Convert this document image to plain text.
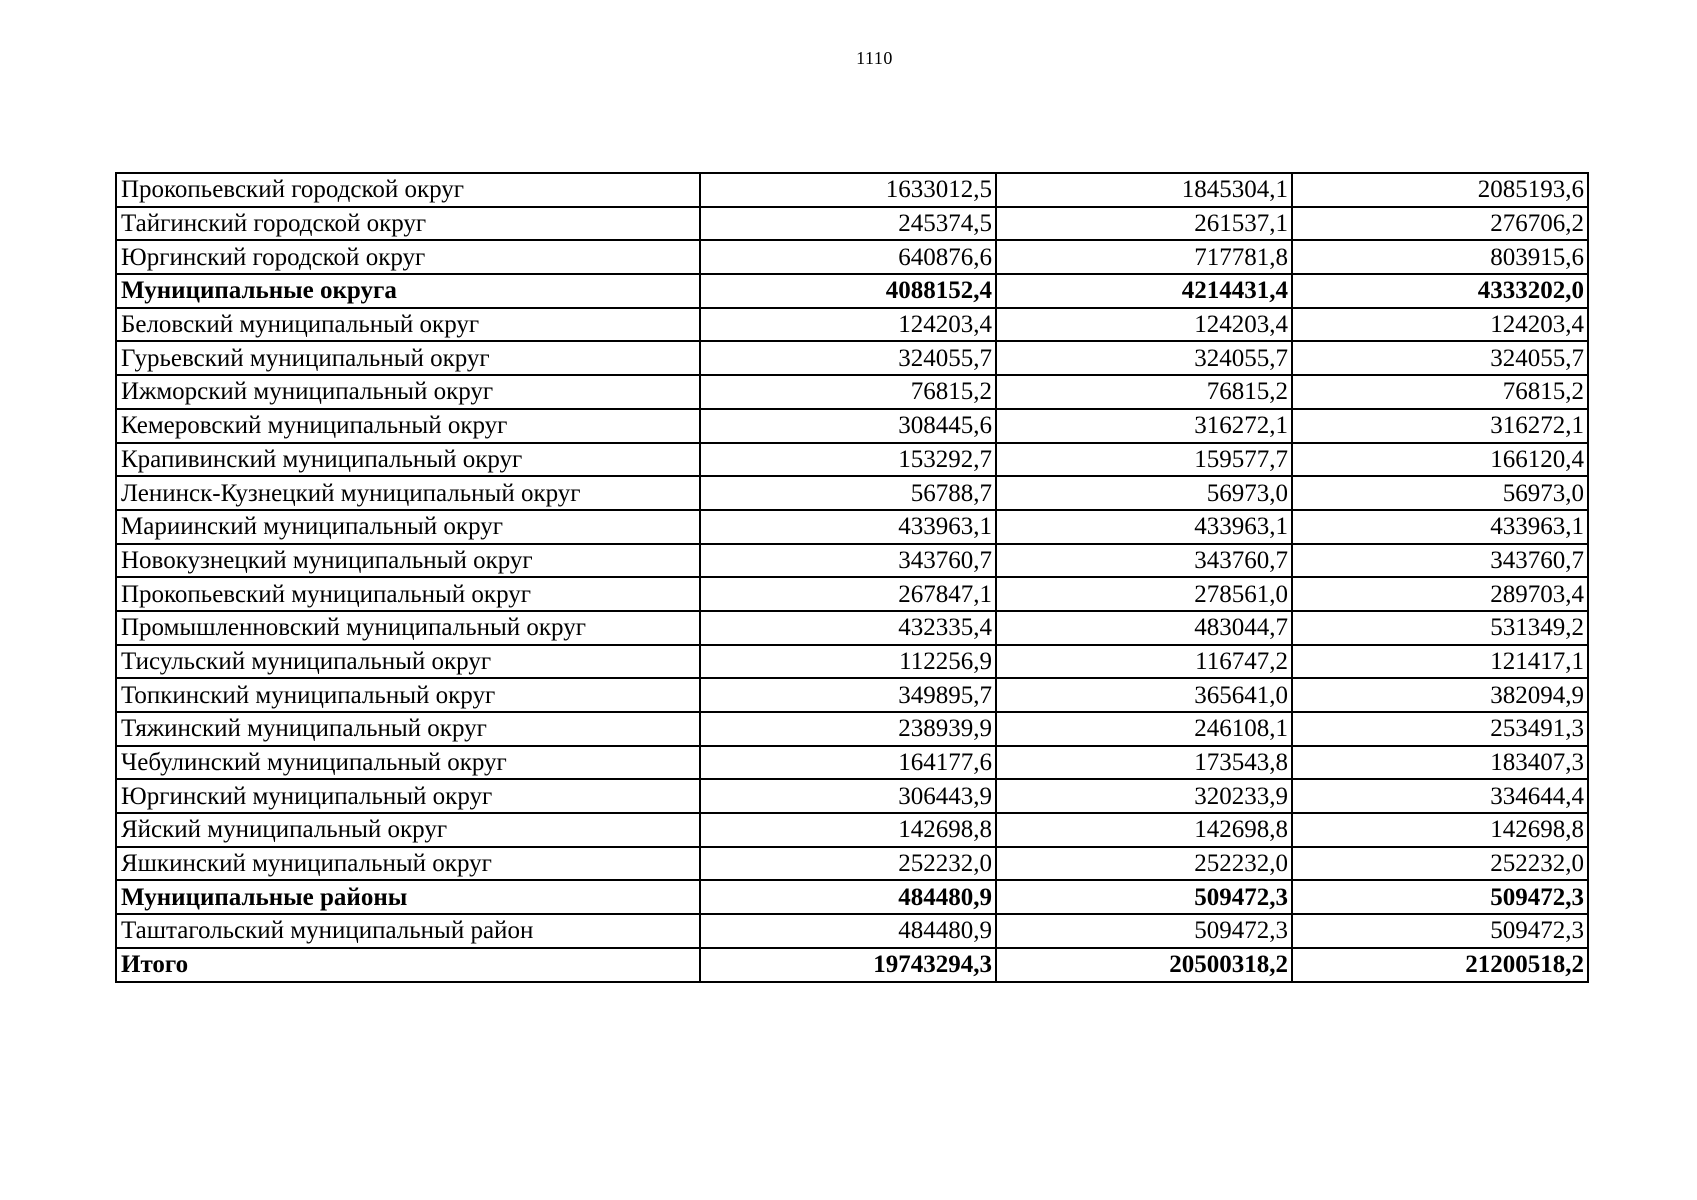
1110
Прокопьевский городской округ	1633012,5	1845304,1	2085193,6
Тайгинский городской округ	245374,5	261537,1	276706,2
Юргинский городской округ	640876,6	717781,8	803915,6
Муниципальные округа	4088152,4	4214431,4	4333202,0
Беловский муниципальный округ	124203,4	124203,4	124203,4
Гурьевский муниципальный округ	324055,7	324055,7	324055,7
Ижморский муниципальный округ	76815,2	76815,2	76815,2
Кемеровский муниципальный округ	308445,6	316272,1	316272,1
Крапивинский муниципальный округ	153292,7	159577,7	166120,4
Ленинск-Кузнецкий муниципальный округ	56788,7	56973,0	56973,0
Мариинский муниципальный округ	433963,1	433963,1	433963,1
Новокузнецкий муниципальный округ	343760,7	343760,7	343760,7
Прокопьевский муниципальный округ	267847,1	278561,0	289703,4
Промышленновский муниципальный округ	432335,4	483044,7	531349,2
Тисульский муниципальный округ	112256,9	116747,2	121417,1
Топкинский муниципальный округ	349895,7	365641,0	382094,9
Тяжинский муниципальный округ	238939,9	246108,1	253491,3
Чебулинский муниципальный округ	164177,6	173543,8	183407,3
Юргинский муниципальный округ	306443,9	320233,9	334644,4
Яйский муниципальный округ	142698,8	142698,8	142698,8
Яшкинский муниципальный округ	252232,0	252232,0	252232,0
Муниципальные районы	484480,9	509472,3	509472,3
Таштагольский муниципальный район	484480,9	509472,3	509472,3
Итого	19743294,3	20500318,2	21200518,2
